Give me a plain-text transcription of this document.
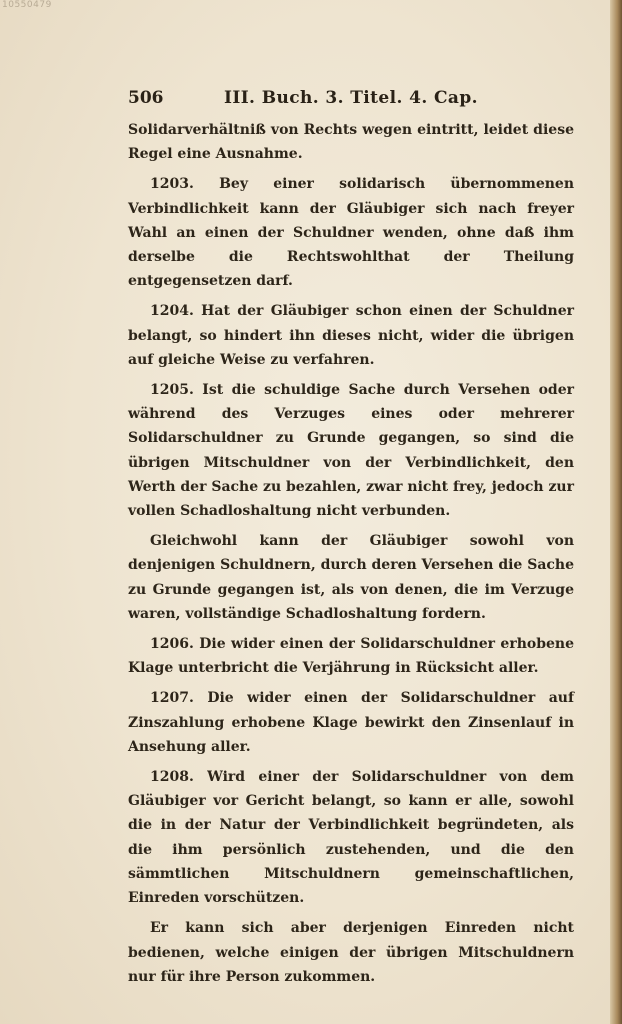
10550479
506	III. Buch. 3. Titel. 4. Cap.

Solidarverhältniß von Rechts wegen eintritt, leidet diese Regel eine Ausnahme.

1203. Bey einer solidarisch übernommenen Verbindlichkeit kann der Gläubiger sich nach freyer Wahl an einen der Schuldner wenden, ohne daß ihm derselbe die Rechtswohlthat der Theilung entgegensetzen darf.

1204. Hat der Gläubiger schon einen der Schuldner belangt, so hindert ihn dieses nicht, wider die übrigen auf gleiche Weise zu verfahren.

1205. Ist die schuldige Sache durch Versehen oder während des Verzuges eines oder mehrerer Solidarschuldner zu Grunde gegangen, so sind die übrigen Mitschuldner von der Verbindlichkeit, den Werth der Sache zu bezahlen, zwar nicht frey, jedoch zur vollen Schadloshaltung nicht verbunden.

Gleichwohl kann der Gläubiger sowohl von denjenigen Schuldnern, durch deren Versehen die Sache zu Grunde gegangen ist, als von denen, die im Verzuge waren, vollständige Schadloshaltung fordern.

1206. Die wider einen der Solidarschuldner erhobene Klage unterbricht die Verjährung in Rücksicht aller.

1207. Die wider einen der Solidarschuldner auf Zinszahlung erhobene Klage bewirkt den Zinsenlauf in Ansehung aller.

1208. Wird einer der Solidarschuldner von dem Gläubiger vor Gericht belangt, so kann er alle, sowohl die in der Natur der Verbindlichkeit begründeten, als die ihm persönlich zustehenden, und die den sämmtlichen Mitschuldnern gemeinschaftlichen, Einreden vorschützen.

Er kann sich aber derjenigen Einreden nicht bedienen, welche einigen der übrigen Mitschuldnern nur für ihre Person zukommen.
